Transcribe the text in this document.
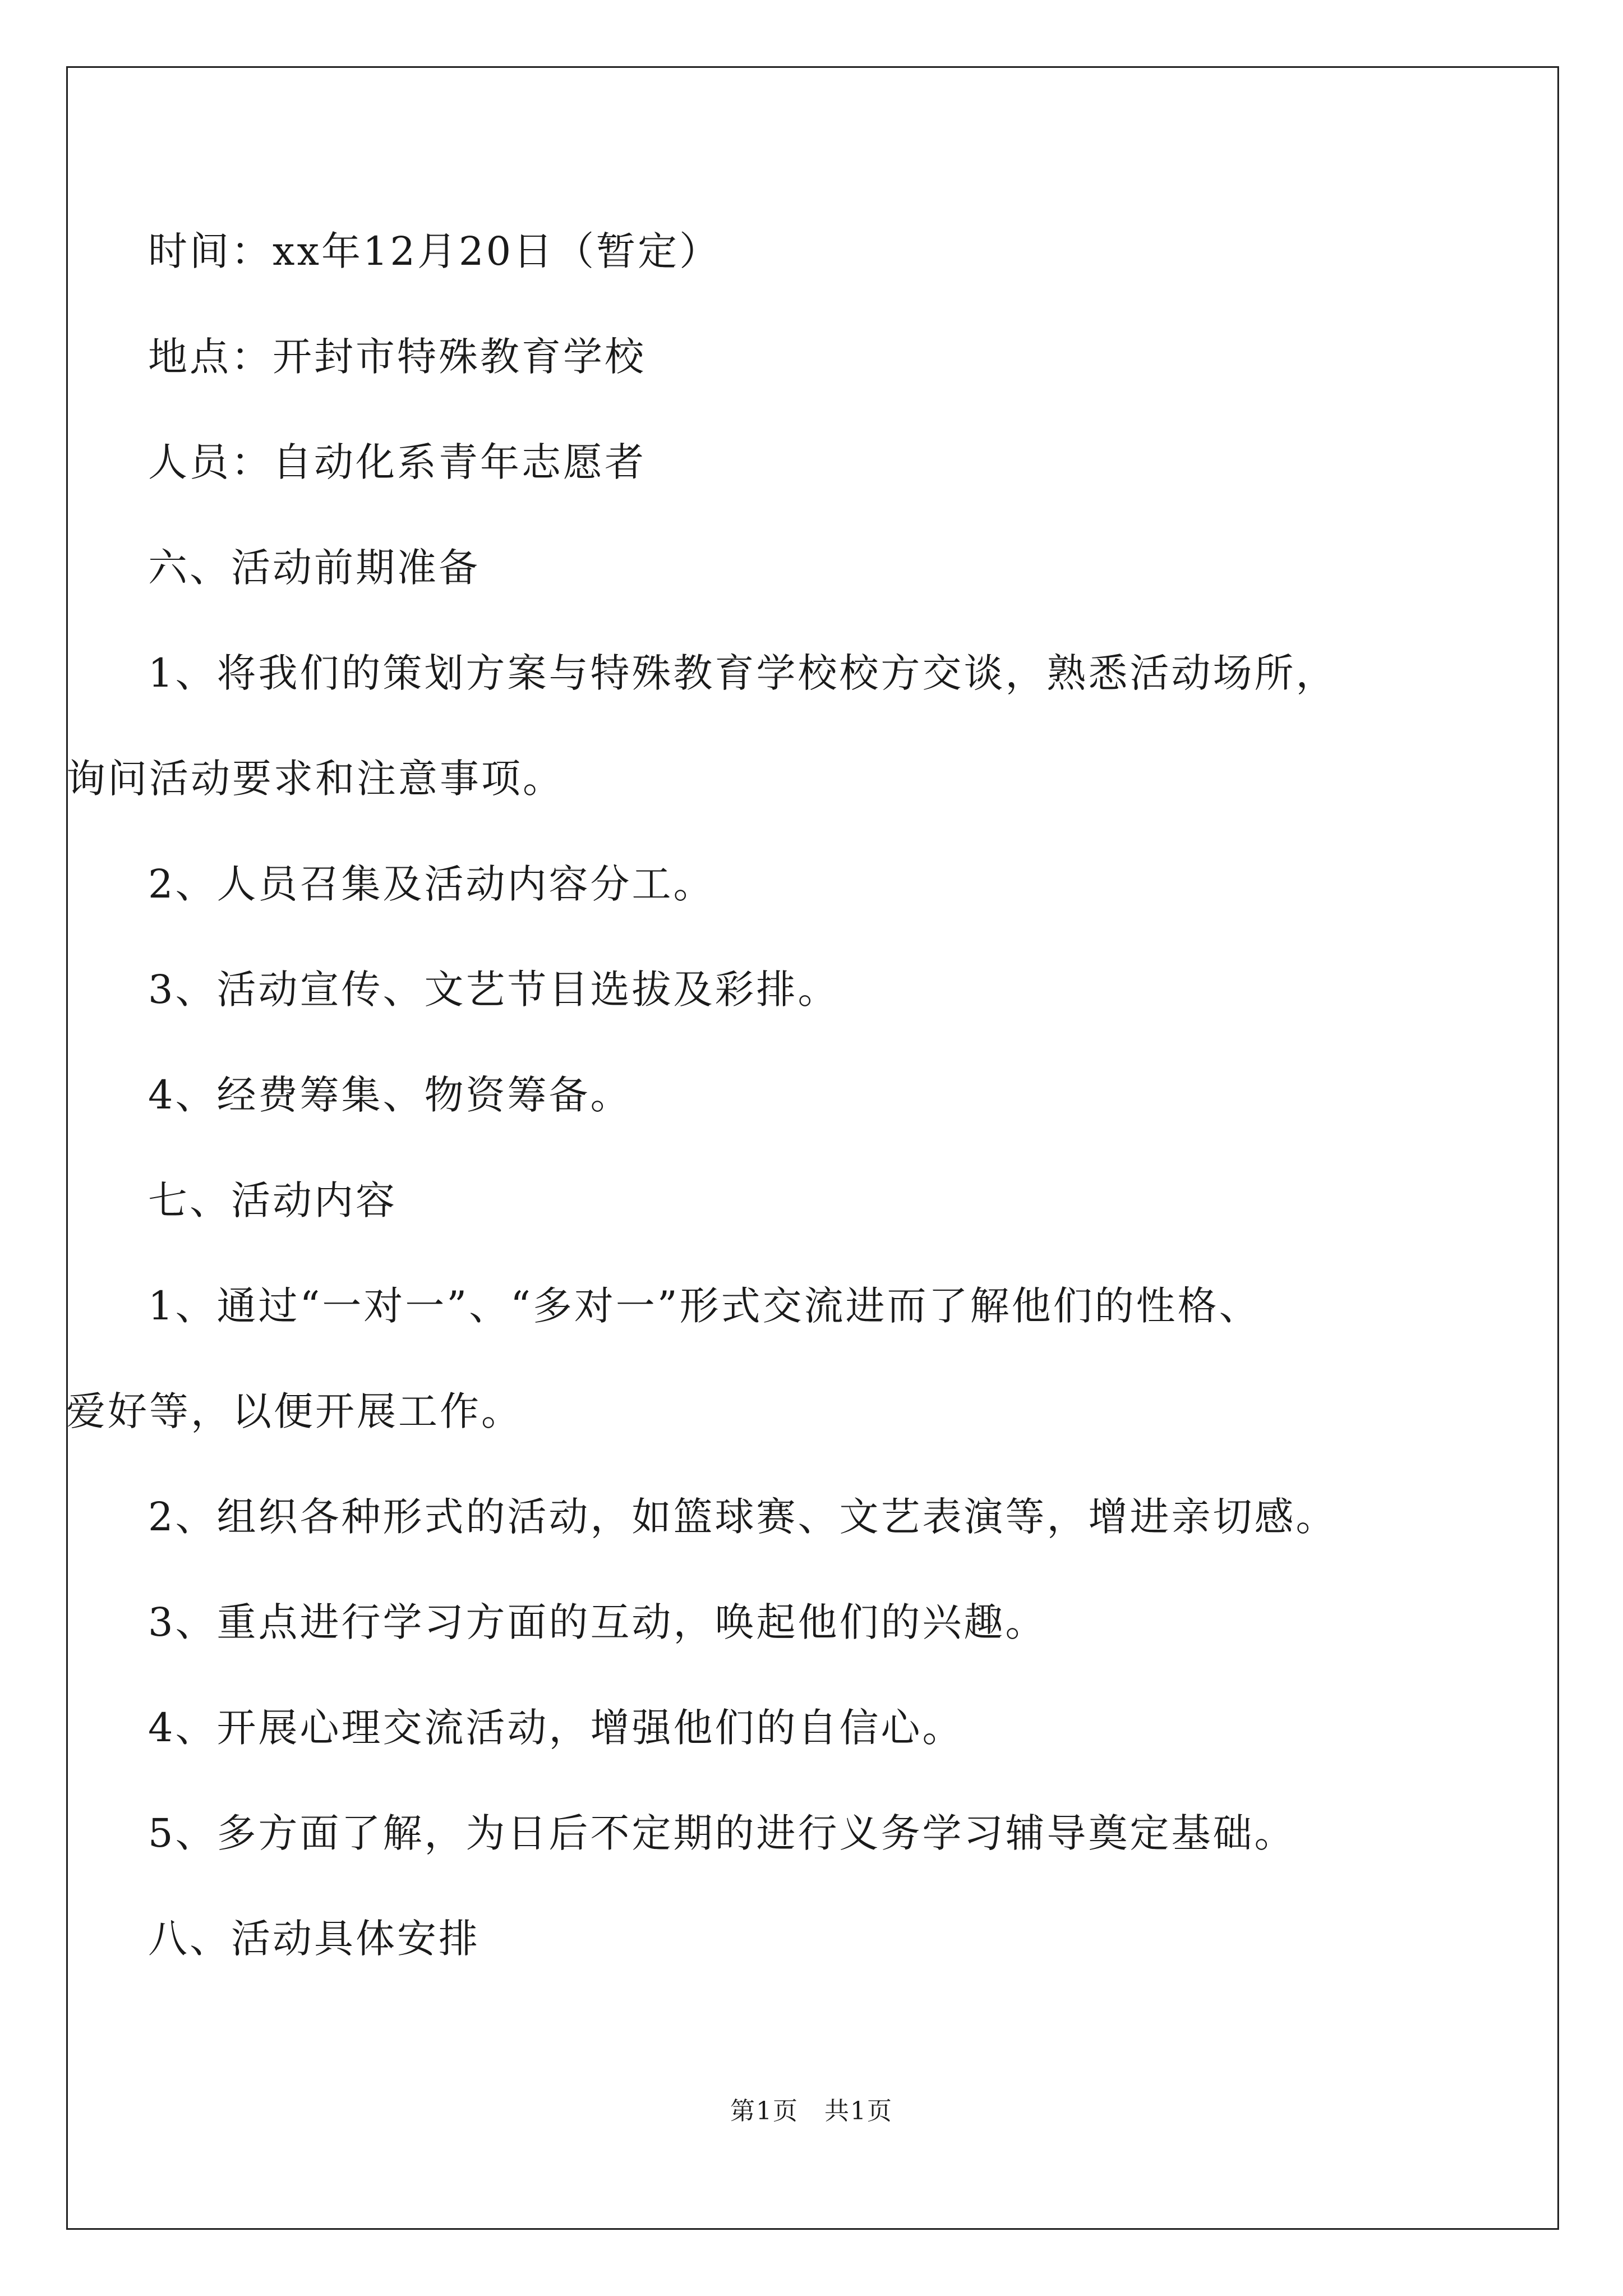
时间：xx年12月20日（暂定）

地点：开封市特殊教育学校

人员：自动化系青年志愿者

六、活动前期准备

1、将我们的策划方案与特殊教育学校校方交谈，熟悉活动场所，

询问活动要求和注意事项。

2、人员召集及活动内容分工。

3、活动宣传、文艺节目选拔及彩排。

4、经费筹集、物资筹备。

七、活动内容

1、通过“一对一”、“多对一”形式交流进而了解他们的性格、

爱好等，以便开展工作。

2、组织各种形式的活动，如篮球赛、文艺表演等，增进亲切感。

3、重点进行学习方面的互动，唤起他们的兴趣。

4、开展心理交流活动，增强他们的自信心。

5、多方面了解，为日后不定期的进行义务学习辅导奠定基础。

八、活动具体安排

第1页 共1页
